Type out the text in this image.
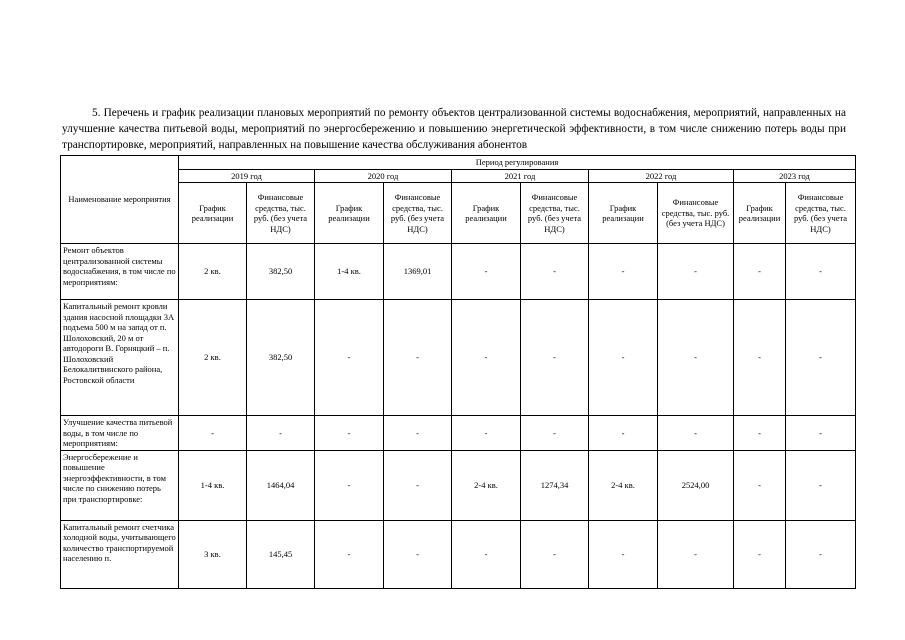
5. Перечень и график реализации плановых мероприятий по ремонту объектов централизованной системы водоснабжения, мероприятий, направленных на улучшение качества питьевой воды, мероприятий по энергосбережению и повышению энергетической эффективности, в том числе снижению потерь воды при транспортировке, мероприятий, направленных на повышение качества обслуживания абонентов

Наименование мероприятия	Период регулирования									
	2019 год		2020 год		2021 год		2022 год		2023 год	
	График реализации	Финансовые средства, тыс. руб. (без учета НДС)	График реализации	Финансовые средства, тыс. руб. (без учета НДС)	График реализации	Финансовые средства, тыс. руб. (без учета НДС)	График реализации	Финансовые средства, тыс. руб. (без учета НДС)	График реализации	Финансовые средства, тыс. руб. (без учета НДС)
Ремонт объектов централизованной системы водоснабжения, в том числе по мероприятиям:	2 кв.	382,50	1-4 кв.	1369,01	-	-	-	-	-	-
Капитальный ремонт кровли здания насосной площадки 3А подъема 500 м на запад от п. Шолоховский, 20 м от автодороги В. Горняцкий – п. Шолоховский Белокалитвинского района, Ростовской области	2 кв.	382,50	-	-	-	-	-	-	-	-
Улучшение качества питьевой воды, в том числе по мероприятиям:	-	-	-	-	-	-	-	-	-	-
Энергосбережение и повышение энергоэффективности, в том числе по снижению потерь при транспортировке:	1-4 кв.	1464,04	-	-	2-4 кв.	1274,34	2-4 кв.	2524,00	-	-
Капитальный ремонт счетчика холодной воды, учитывающего количество транспортируемой населению п.	3 кв.	145,45	-	-	-	-	-	-	-	-
